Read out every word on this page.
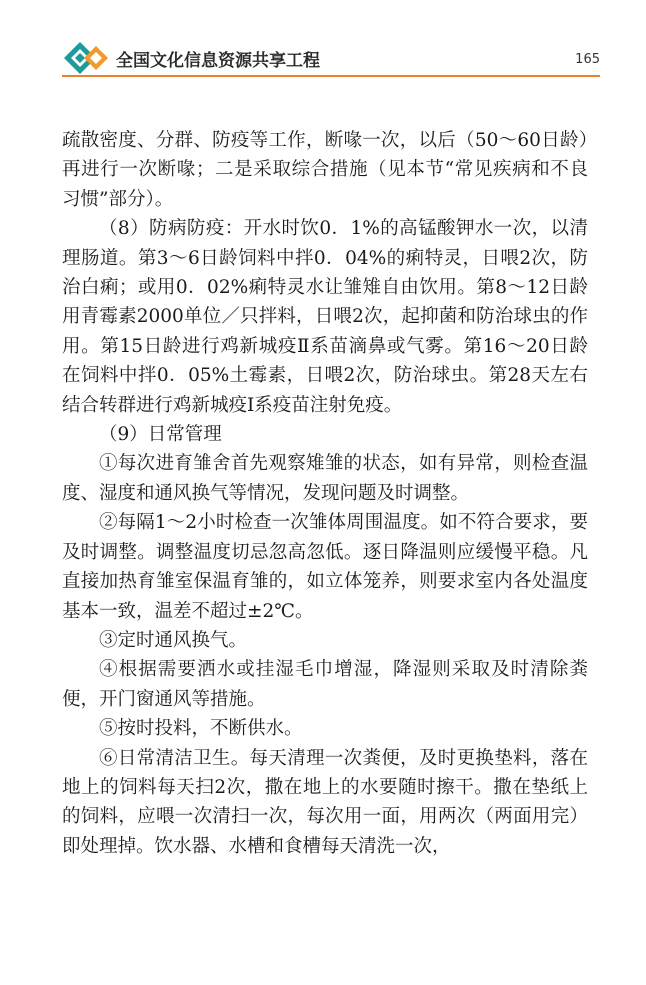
全国文化信息资源共享工程	165

疏散密度、分群、防疫等工作，断喙一次，以后（50～60日龄）再进行一次断喙；二是采取综合措施（见本节“常见疾病和不良习惯”部分）。

（8）防病防疫：开水时饮0．1%的高锰酸钾水一次，以清理肠道。第3～6日龄饲料中拌0．04%的痢特灵，日喂2次，防治白痢；或用0．02%痢特灵水让雏雉自由饮用。第8～12日龄用青霉素2000单位／只拌料，日喂2次，起抑菌和防治球虫的作用。第15日龄进行鸡新城疫Ⅱ系苗滴鼻或气雾。第16～20日龄在饲料中拌0．05%土霉素，日喂2次，防治球虫。第28天左右结合转群进行鸡新城疫Ⅰ系疫苗注射免疫。

（9）日常管理

①每次进育雏舍首先观察雉雏的状态，如有异常，则检查温度、湿度和通风换气等情况，发现问题及时调整。

②每隔1～2小时检查一次雏体周围温度。如不符合要求，要及时调整。调整温度切忌忽高忽低。逐日降温则应缓慢平稳。凡直接加热育雏室保温育雏的，如立体笼养，则要求室内各处温度基本一致，温差不超过±2℃。

③定时通风换气。

④根据需要洒水或挂湿毛巾增湿，降湿则采取及时清除粪便，开门窗通风等措施。

⑤按时投料，不断供水。

⑥日常清洁卫生。每天清理一次粪便，及时更换垫料，落在地上的饲料每天扫2次，撒在地上的水要随时擦干。撒在垫纸上的饲料，应喂一次清扫一次，每次用一面，用两次（两面用完）即处理掉。饮水器、水槽和食槽每天清洗一次，
